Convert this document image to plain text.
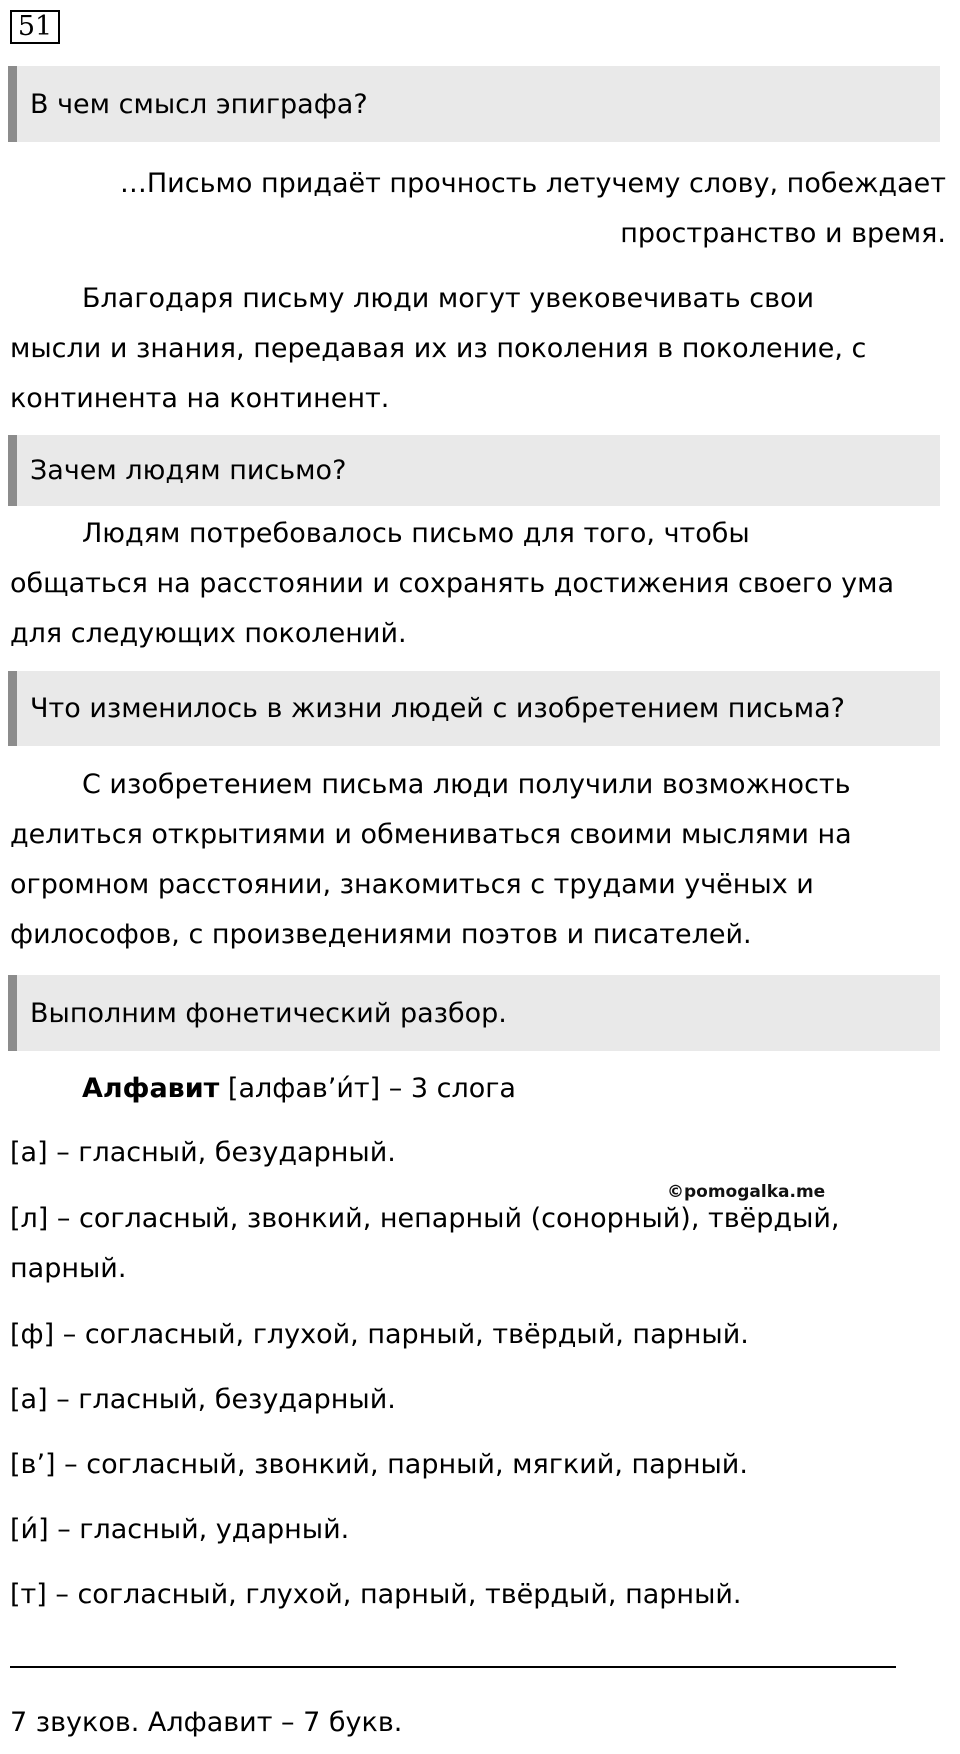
51
В чем смысл эпиграфа?
…Письмо придаёт прочность летучему слову, побеждает
пространство и время.
Благодаря письму люди могут увековечивать свои
мысли и знания, передавая их из поколения в поколение, с
континента на континент.
Зачем людям письмо?
Людям потребовалось письмо для того, чтобы
общаться на расстоянии и сохранять достижения своего ума
для следующих поколений.
Что изменилось в жизни людей с изобретением письма?
С изобретением письма люди получили возможность
делиться открытиями и обмениваться своими мыслями на
огромном расстоянии, знакомиться с трудами учёных и
философов, с произведениями поэтов и писателей.
Выполним фонетический разбор.
Алфавит [алфав’и́т] – 3 слога
[а] – гласный, безударный.
©pomogalka.me
[л] – согласный, звонкий, непарный (сонорный), твёрдый,
парный.
[ф] – согласный, глухой, парный, твёрдый, парный.
[а] – гласный, безударный.
[в’] – согласный, звонкий, парный, мягкий, парный.
[и́] – гласный, ударный.
[т] – согласный, глухой, парный, твёрдый, парный.
7 звуков. Алфавит – 7 букв.
